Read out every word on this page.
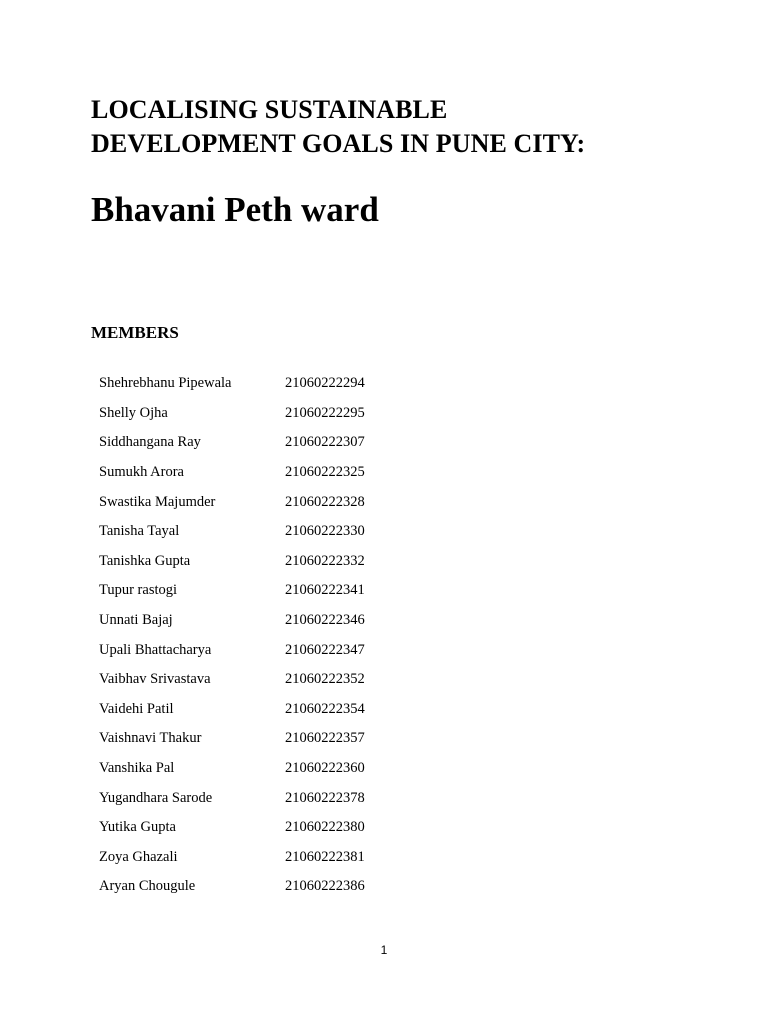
LOCALISING SUSTAINABLE
DEVELOPMENT GOALS IN PUNE CITY:
Bhavani Peth ward
MEMBERS
Shehrebhanu Pipewala	21060222294
Shelly Ojha	21060222295
Siddhangana Ray	21060222307
Sumukh Arora	21060222325
Swastika Majumder	21060222328
Tanisha Tayal	21060222330
Tanishka Gupta	21060222332
Tupur rastogi	21060222341
Unnati Bajaj	21060222346
Upali Bhattacharya	21060222347
Vaibhav Srivastava	21060222352
Vaidehi Patil	21060222354
Vaishnavi Thakur	21060222357
Vanshika Pal	21060222360
Yugandhara Sarode	21060222378
Yutika Gupta	21060222380
Zoya Ghazali	21060222381
Aryan Chougule	21060222386
1
